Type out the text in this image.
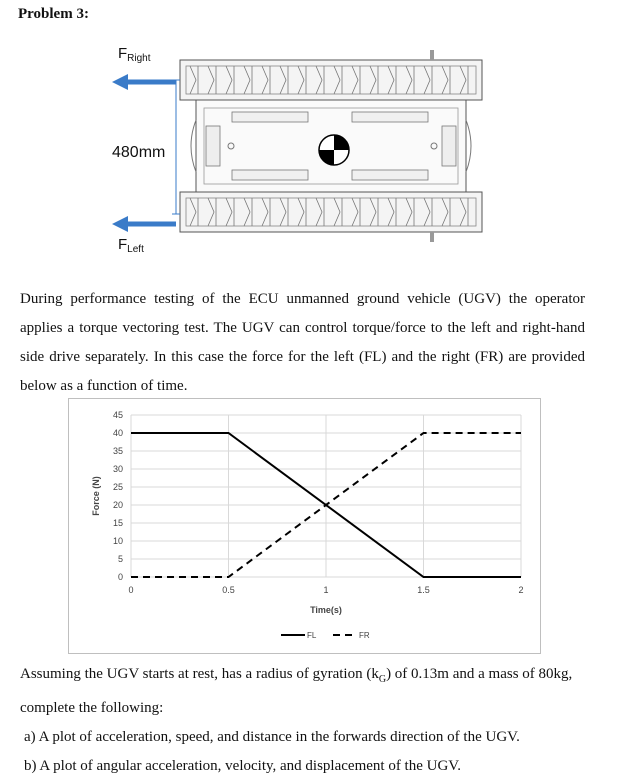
Problem 3:
$F_{Right}$
480mm
$F_{Left}$

During performance testing of the ECU unmanned ground vehicle (UGV) the operator applies a torque vectoring test. The UGV can control torque/force to the left and right-hand side drive separately. In this case the force for the left (FL) and the right (FR) are provided below as a function of time.

0
5
10
15
20
25
30
35
40
45
0	0.5	1	1.5	2
Time(s)
Force (N)
FL	FR

Assuming the UGV starts at rest, has a radius of gyration $(k_G)$ of 0.13m and a mass of 80kg, complete the following:

a) A plot of acceleration, speed, and distance in the forwards direction of the UGV.

b) A plot of angular acceleration, velocity, and displacement of the UGV.
